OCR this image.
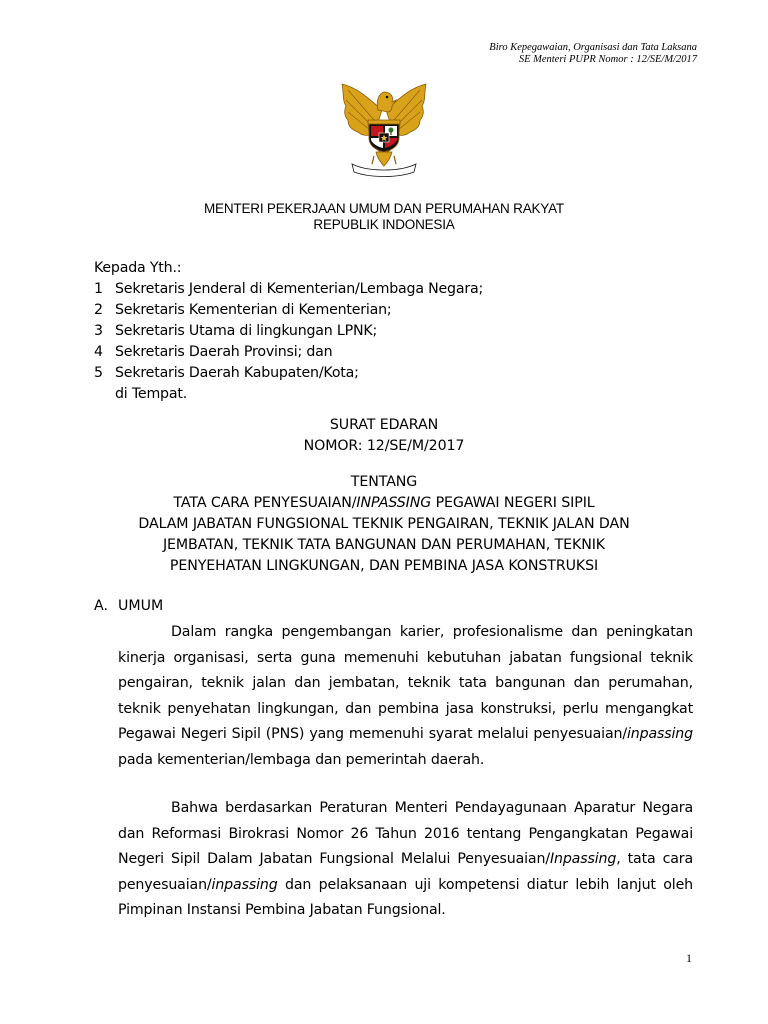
Biro Kepegawaian, Organisasi dan Tata Laksana
SE Menteri PUPR Nomor : 12/SE/M/2017
MENTERI PEKERJAAN UMUM DAN PERUMAHAN RAKYAT
REPUBLIK INDONESIA
Kepada Yth.:
1 Sekretaris Jenderal di Kementerian/Lembaga Negara;
2 Sekretaris Kementerian di Kementerian;
3 Sekretaris Utama di lingkungan LPNK;
4 Sekretaris Daerah Provinsi; dan
5 Sekretaris Daerah Kabupaten/Kota;
di Tempat.
SURAT EDARAN
NOMOR: 12/SE/M/2017
TENTANG
TATA CARA PENYESUAIAN/INPASSING PEGAWAI NEGERI SIPIL
DALAM JABATAN FUNGSIONAL TEKNIK PENGAIRAN, TEKNIK JALAN DAN
JEMBATAN, TEKNIK TATA BANGUNAN DAN PERUMAHAN, TEKNIK
PENYEHATAN LINGKUNGAN, DAN PEMBINA JASA KONSTRUKSI
A. UMUM
Dalam rangka pengembangan karier, profesionalisme dan peningkatan kinerja organisasi, serta guna memenuhi kebutuhan jabatan fungsional teknik pengairan, teknik jalan dan jembatan, teknik tata bangunan dan perumahan, teknik penyehatan lingkungan, dan pembina jasa konstruksi, perlu mengangkat Pegawai Negeri Sipil (PNS) yang memenuhi syarat melalui penyesuaian/inpassing pada kementerian/lembaga dan pemerintah daerah.
Bahwa berdasarkan Peraturan Menteri Pendayagunaan Aparatur Negara dan Reformasi Birokrasi Nomor 26 Tahun 2016 tentang Pengangkatan Pegawai Negeri Sipil Dalam Jabatan Fungsional Melalui Penyesuaian/Inpassing, tata cara penyesuaian/inpassing dan pelaksanaan uji kompetensi diatur lebih lanjut oleh Pimpinan Instansi Pembina Jabatan Fungsional.
1
